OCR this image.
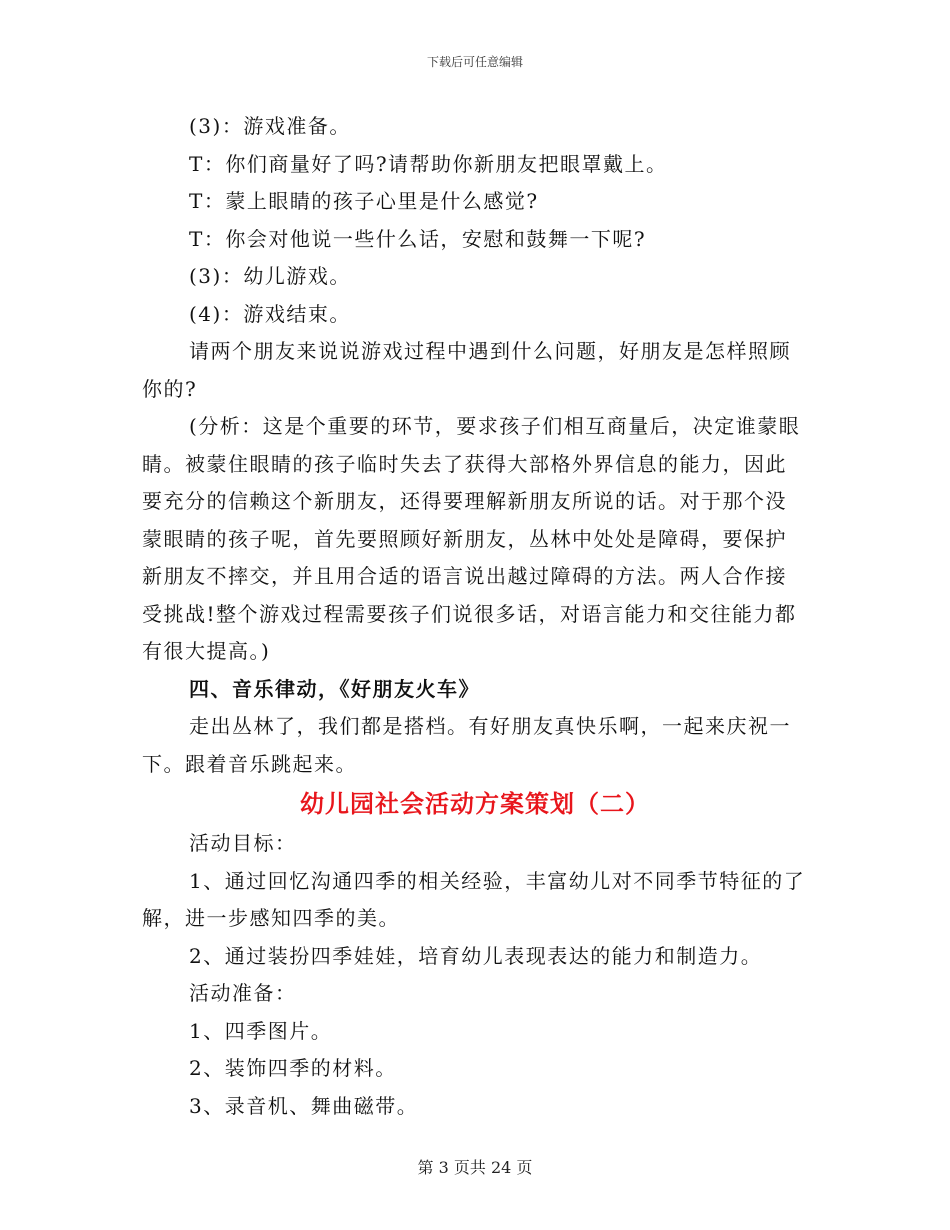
下载后可任意编辑

(3)：游戏准备。

T：你们商量好了吗?请帮助你新朋友把眼罩戴上。

T：蒙上眼睛的孩子心里是什么感觉?

T：你会对他说一些什么话，安慰和鼓舞一下呢?

(3)：幼儿游戏。

(4)：游戏结束。

请两个朋友来说说游戏过程中遇到什么问题，好朋友是怎样照顾你的?

(分析：这是个重要的环节，要求孩子们相互商量后，决定谁蒙眼睛。被蒙住眼睛的孩子临时失去了获得大部格外界信息的能力，因此要充分的信赖这个新朋友，还得要理解新朋友所说的话。对于那个没蒙眼睛的孩子呢，首先要照顾好新朋友，丛林中处处是障碍，要保护新朋友不摔交，并且用合适的语言说出越过障碍的方法。两人合作接受挑战!整个游戏过程需要孩子们说很多话，对语言能力和交往能力都有很大提高。)

四、音乐律动，《好朋友火车》

走出丛林了，我们都是搭档。有好朋友真快乐啊，一起来庆祝一下。跟着音乐跳起来。

幼儿园社会活动方案策划（二）

活动目标：

1、通过回忆沟通四季的相关经验，丰富幼儿对不同季节特征的了解，进一步感知四季的美。

2、通过装扮四季娃娃，培育幼儿表现表达的能力和制造力。

活动准备：

1、四季图片。

2、装饰四季的材料。

3、录音机、舞曲磁带。

第 3 页共 24 页
